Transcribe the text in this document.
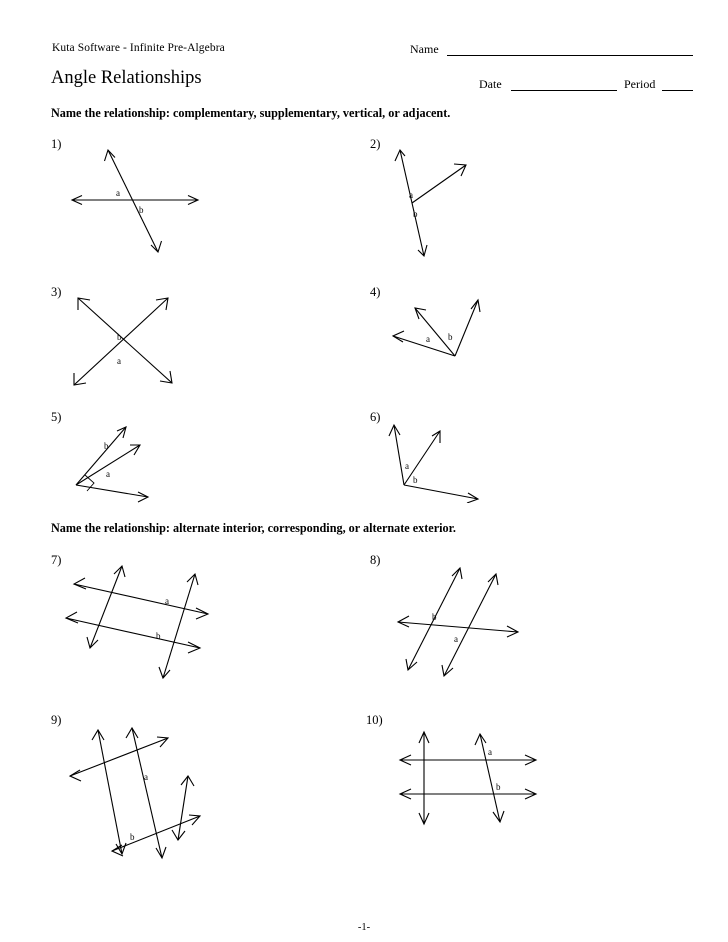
Kuta Software - Infinite Pre-Algebra
Angle Relationships
Name
Date	Period
Name the relationship: complementary, supplementary, vertical, or adjacent.
1)
a
b
2)
a
b
3)
b
a
4)
a b
5)
b
a
6)
a
b
Name the relationship: alternate interior, corresponding, or alternate exterior.
7)
a
b
8)
b
a
9)
a
b
10)
a
b
-1-
